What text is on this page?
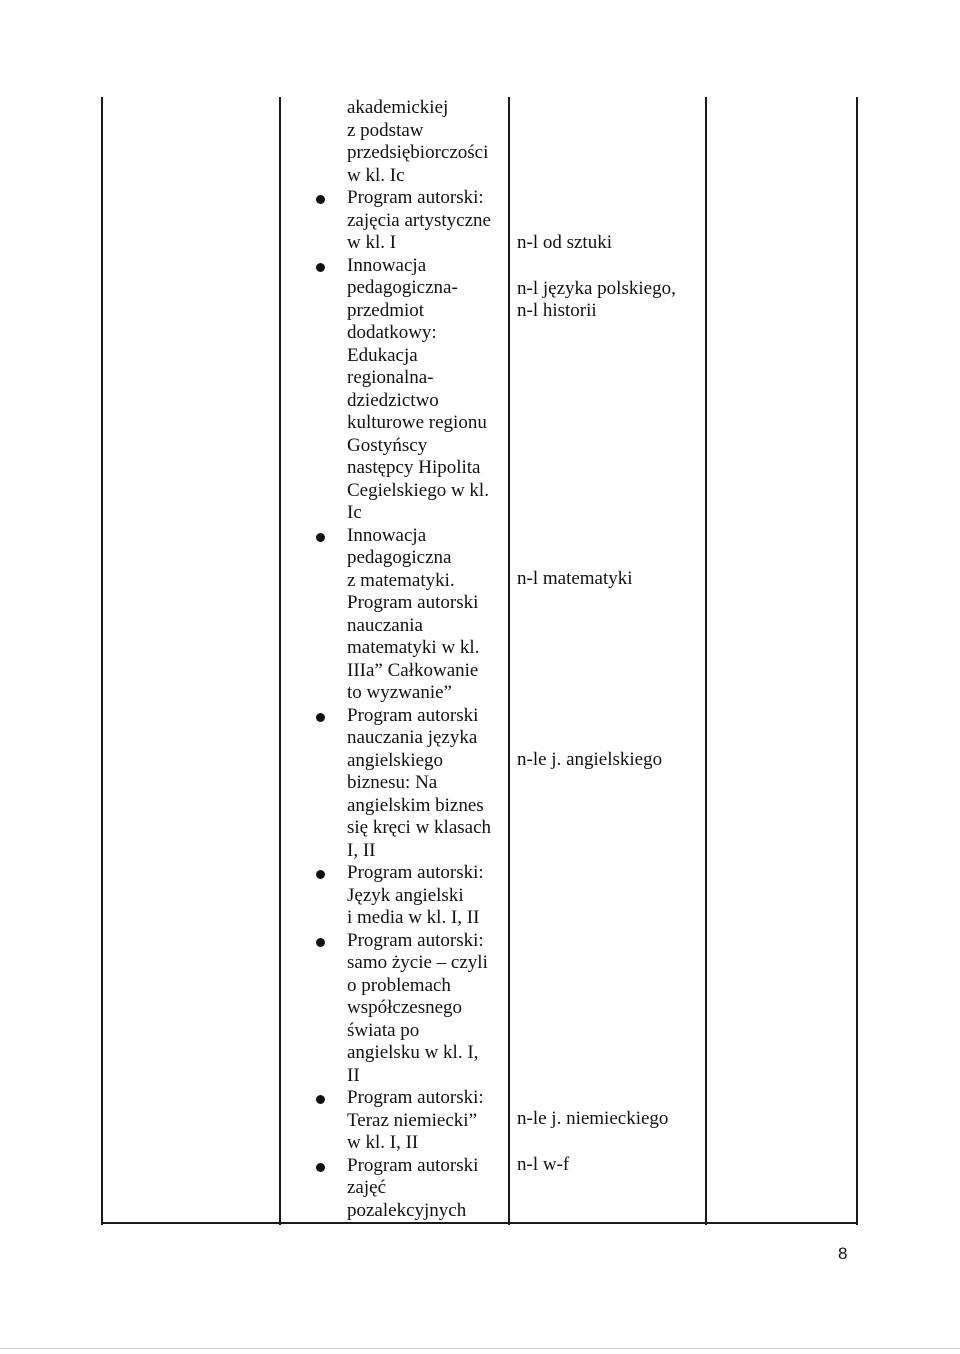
akademickiej
z podstaw
przedsiębiorczości
w kl. Ic
Program autorski:
zajęcia artystyczne
w kl. I
Innowacja
pedagogiczna-
przedmiot
dodatkowy:
Edukacja
regionalna-
dziedzictwo
kulturowe regionu
Gostyńscy
następcy Hipolita
Cegielskiego w kl.
Ic
Innowacja
pedagogiczna
z matematyki.
Program autorski
nauczania
matematyki w kl.
IIIa” Całkowanie
to wyzwanie”
Program autorski
nauczania języka
angielskiego
biznesu: Na
angielskim biznes
się kręci w klasach
I, II
Program autorski:
Język angielski
i media w kl. I, II
Program autorski:
samo życie – czyli
o problemach
współczesnego
świata po
angielsku w kl. I,
II
Program autorski:
Teraz niemiecki”
w kl. I, II
Program autorski
zajęć
pozalekcyjnych
n-l od sztuki
n-l języka polskiego,
n-l historii
n-l matematyki
n-le j. angielskiego
n-le j. niemieckiego
n-l w-f
8
